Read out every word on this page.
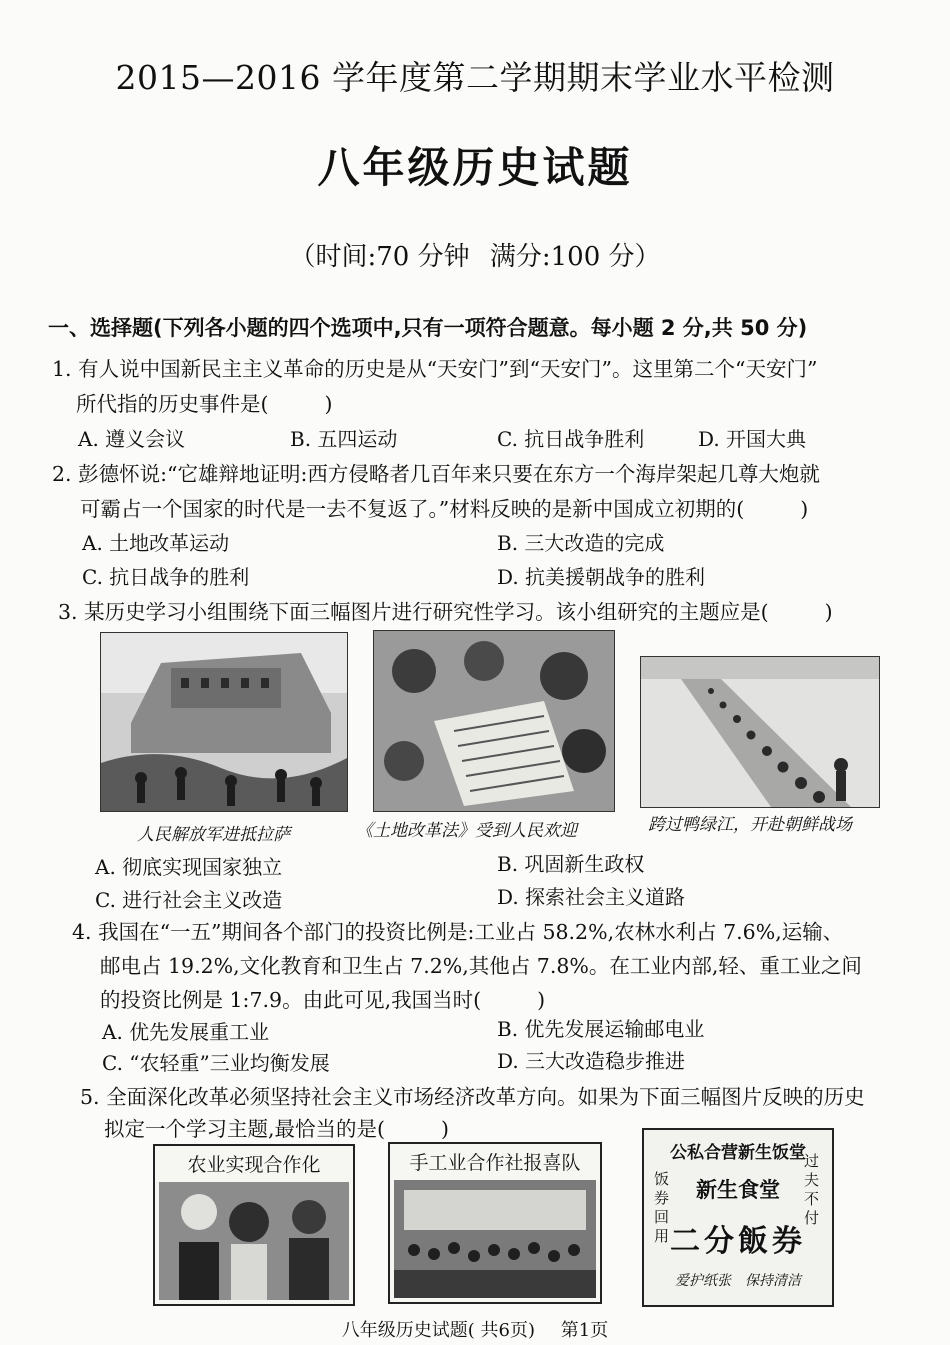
2015—2016 学年度第二学期期末学业水平检测
八年级历史试题
（时间:70 分钟 满分:100 分）
一、选择题(下列各小题的四个选项中,只有一项符合题意。每小题 2 分,共 50 分)
1. 有人说中国新民主主义革命的历史是从“天安门”到“天安门”。这里第二个“天安门”
所代指的历史事件是(	)
A. 遵义会议	B. 五四运动	C. 抗日战争胜利	D. 开国大典
2. 彭德怀说:“它雄辩地证明:西方侵略者几百年来只要在东方一个海岸架起几尊大炮就
可霸占一个国家的时代是一去不复返了。”材料反映的是新中国成立初期的(	)
A. 土地改革运动	B. 三大改造的完成
C. 抗日战争的胜利	D. 抗美援朝战争的胜利
3. 某历史学习小组围绕下面三幅图片进行研究性学习。该小组研究的主题应是(	)
人民解放军进抵拉萨	《土地改革法》受到人民欢迎	跨过鸭绿江，开赴朝鲜战场
A. 彻底实现国家独立	B. 巩固新生政权
C. 进行社会主义改造	D. 探索社会主义道路
4. 我国在“一五”期间各个部门的投资比例是:工业占 58.2%,农林水利占 7.6%,运输、
邮电占 19.2%,文化教育和卫生占 7.2%,其他占 7.8%。在工业内部,轻、重工业之间
的投资比例是 1:7.9。由此可见,我国当时(	)
A. 优先发展重工业	B. 优先发展运输邮电业
C. “农轻重”三业均衡发展	D. 三大改造稳步推进
5. 全面深化改革必须坚持社会主义市场经济改革方向。如果为下面三幅图片反映的历史
拟定一个学习主题,最恰当的是(	)
农业实现合作化	手工业合作社报喜队	公私合营新生饭堂
饭券回用
新生食堂
二分飯券
过夫不付
爱护纸张　保持清洁
八年级历史试题( 共6页) 第1页
